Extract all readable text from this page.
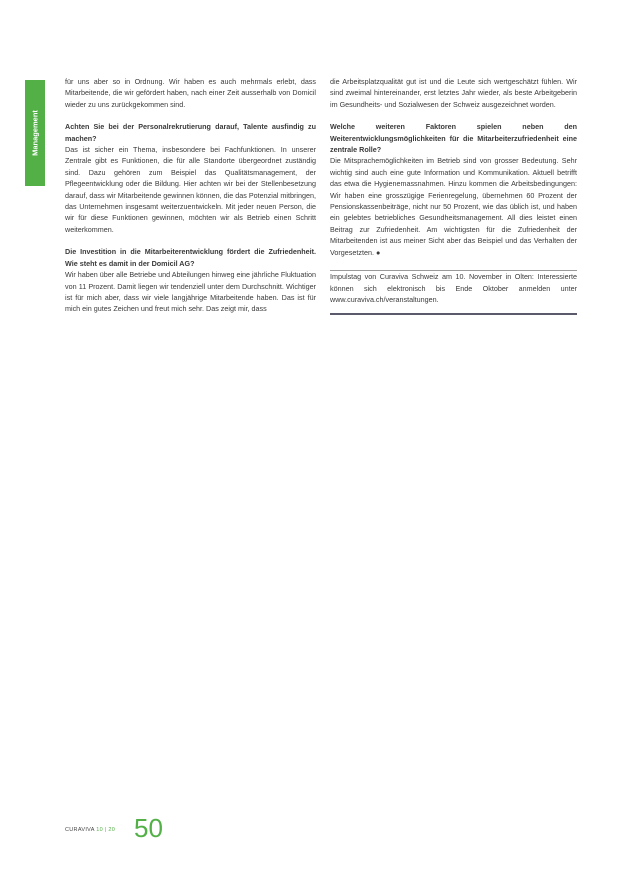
Management

für uns aber so in Ordnung. Wir haben es auch mehrmals erlebt, dass Mitarbeitende, die wir gefördert haben, nach einer Zeit ausserhalb von Domicil wieder zu uns zurückgekommen sind.

Achten Sie bei der Personalrekrutierung darauf, Talente ausfindig zu machen?

Das ist sicher ein Thema, insbesondere bei Fachfunktionen. In unserer Zentrale gibt es Funktionen, die für alle Standorte übergeordnet zuständig sind. Dazu gehören zum Beispiel das Qualitätsmanagement, der Pflegeentwicklung oder die Bildung. Hier achten wir bei der Stellenbesetzung darauf, dass wir Mitarbeitende gewinnen können, die das Potenzial mitbringen, das Unternehmen insgesamt weiterzuentwickeln. Mit jeder neuen Person, die wir für diese Funktionen gewinnen, möchten wir als Betrieb einen Schritt weiterkommen.

Die Investition in die Mitarbeiterentwicklung fördert die Zufriedenheit. Wie steht es damit in der Domicil AG?

Wir haben über alle Betriebe und Abteilungen hinweg eine jährliche Fluktuation von 11 Prozent. Damit liegen wir tendenziell unter dem Durchschnitt. Wichtiger ist für mich aber, dass wir viele langjährige Mitarbeitende haben. Das ist für mich ein gutes Zeichen und freut mich sehr. Das zeigt mir, dass

die Arbeitsplatzqualität gut ist und die Leute sich wertgeschätzt fühlen. Wir sind zweimal hintereinander, erst letztes Jahr wieder, als beste Arbeitgeberin im Gesundheits- und Sozialwesen der Schweiz ausgezeichnet worden.

Welche weiteren Faktoren spielen neben den Weiterentwicklungsmöglichkeiten für die Mitarbeiterzufriedenheit eine zentrale Rolle?

Die Mitsprachemöglichkeiten im Betrieb sind von grosser Bedeutung. Sehr wichtig sind auch eine gute Information und Kommunikation. Aktuell betrifft das etwa die Hygienemassnahmen. Hinzu kommen die Arbeitsbedingungen: Wir haben eine grosszügige Ferienregelung, übernehmen 60 Prozent der Pensionskassenbeiträge, nicht nur 50 Prozent, wie das üblich ist, und haben ein gelebtes betriebliches Gesundheitsmanagement. All dies leistet einen Beitrag zur Zufriedenheit. Am wichtigsten für die Zufriedenheit der Mitarbeitenden ist aus meiner Sicht aber das Beispiel und das Verhalten der Vorgesetzten. ●

Impulstag von Curaviva Schweiz am 10. November in Olten: Interessierte können sich elektronisch bis Ende Oktober anmelden unter www.curaviva.ch/veranstaltungen.

CURAVIVA 10 | 20 50
